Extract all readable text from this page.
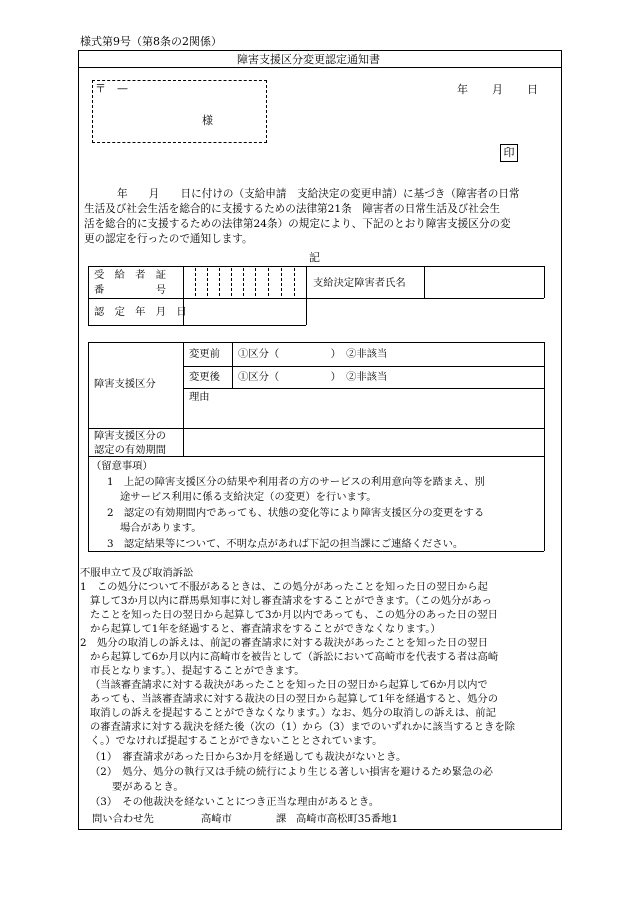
様式第9号（第8条の2関係）
障害支援区分変更認定通知書
〒　—
様
年 月 日
印
年　　月　　日に付けの（支給申請　支給決定の変更申請）に基づき（障害者の日常
生活及び社会生活を総合的に支援するための法律第21条　障害者の日常生活及び社会生
活を総合的に支援するための法律第24条）の規定により、下記のとおり障害支援区分の変
更の認定を行ったので通知します。
記
受　給　者　証
番　　　　　号
支給決定障害者氏名
認　定　年　月　日
障害支援区分
変更前 ①区分（　　　　　）　②非該当
変更後 ①区分（　　　　　）　②非該当
理由
障害支援区分の
認定の有効期間
（留意事項）
1　上記の障害支援区分の結果や利用者の方のサービスの利用意向等を踏まえ、別
途サービス利用に係る支給決定（の変更）を行います。
2　認定の有効期間内であっても、状態の変化等により障害支援区分の変更をする
場合があります。
3　認定結果等について、不明な点があれば下記の担当課にご連絡ください。
不服申立て及び取消訴訟
1　この処分について不服があるときは、この処分があったことを知った日の翌日から起
算して3か月以内に群馬県知事に対し審査請求をすることができます。（この処分があっ
たことを知った日の翌日から起算して3か月以内であっても、この処分のあった日の翌日
から起算して1年を経過すると、審査請求をすることができなくなります。）
2　処分の取消しの訴えは、前記の審査請求に対する裁決があったことを知った日の翌日
から起算して6か月以内に高崎市を被告として（訴訟において高崎市を代表する者は高崎
市長となります。）、提起することができます。
（当該審査請求に対する裁決があったことを知った日の翌日から起算して6か月以内で
あっても、当該審査請求に対する裁決の日の翌日から起算して1年を経過すると、処分の
取消しの訴えを提起することができなくなります。）なお、処分の取消しの訴えは、前記
の審査請求に対する裁決を経た後（次の（1）から（3）までのいずれかに該当するときを除
く。）でなければ提起することができないこととされています。
（1）　審査請求があった日から3か月を経過しても裁決がないとき。
（2）　処分、処分の執行又は手続の続行により生じる著しい損害を避けるため緊急の必
要があるとき。
（3）　その他裁決を経ないことにつき正当な理由があるとき。
問い合わせ先	高崎市	課 高崎市高松町35番地1
